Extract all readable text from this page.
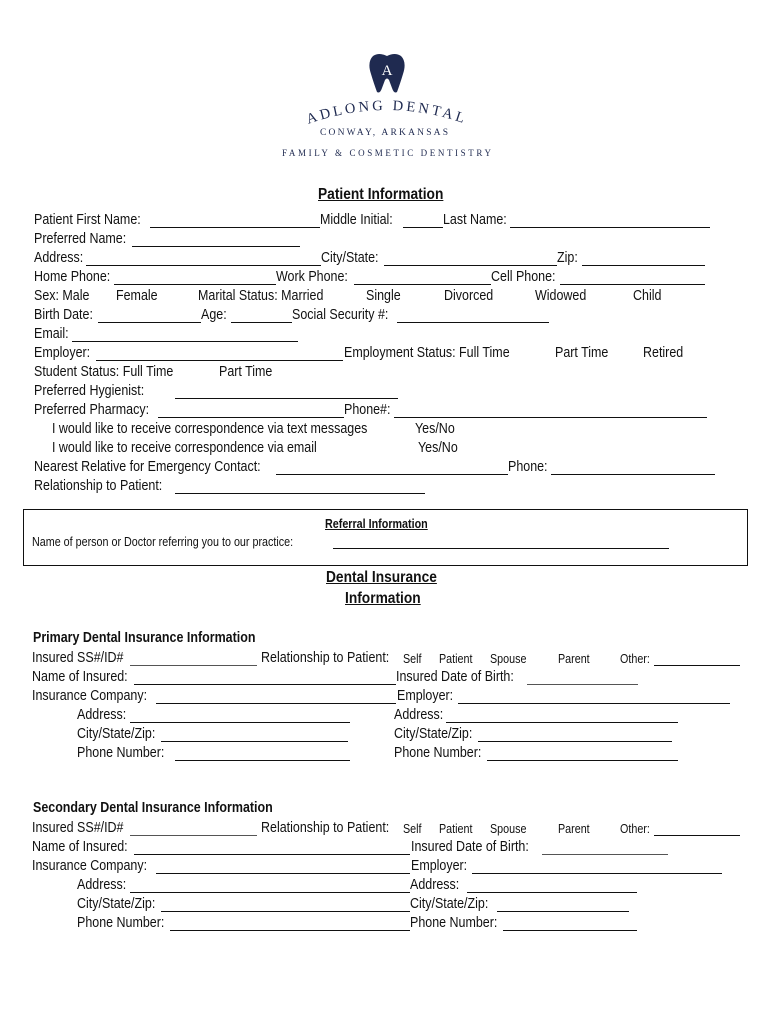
A
ADLONG DENTAL
CONWAY, ARKANSAS
FAMILY & COSMETIC DENTISTRY
Patient Information
Patient First Name:	Middle Initial:	Last Name:
Preferred Name:
Address:	City/State:	Zip:
Home Phone:	Work Phone:	Cell Phone:
Sex: Male Female	Marital Status: Married	Single	Divorced	Widowed	Child
Birth Date:	Age:	Social Security #:
Email:
Employer:	Employment Status: Full Time	Part Time Retired
Student Status: Full Time	Part Time
Preferred Hygienist:
Preferred Pharmacy:	Phone#:
I would like to receive correspondence via text messages	Yes/No
I would like to receive correspondence via email	Yes/No
Nearest Relative for Emergency Contact:	Phone:
Relationship to Patient:
Referral Information
Name of person or Doctor referring you to our practice:
Dental Insurance
Information
Primary Dental Insurance Information
Insured SS#/ID#	Relationship to Patient: Self Patient Spouse	Parent Other:
Name of Insured:	Insured Date of Birth:
Insurance Company:	Employer:
Address:	Address:
City/State/Zip:	City/State/Zip:
Phone Number:	Phone Number:
Secondary Dental Insurance Information
Insured SS#/ID#	Relationship to Patient: Self Patient Spouse	Parent Other:
Name of Insured:	Insured Date of Birth:
Insurance Company:	Employer:
Address:	Address:
City/State/Zip:	City/State/Zip:
Phone Number:	Phone Number:
